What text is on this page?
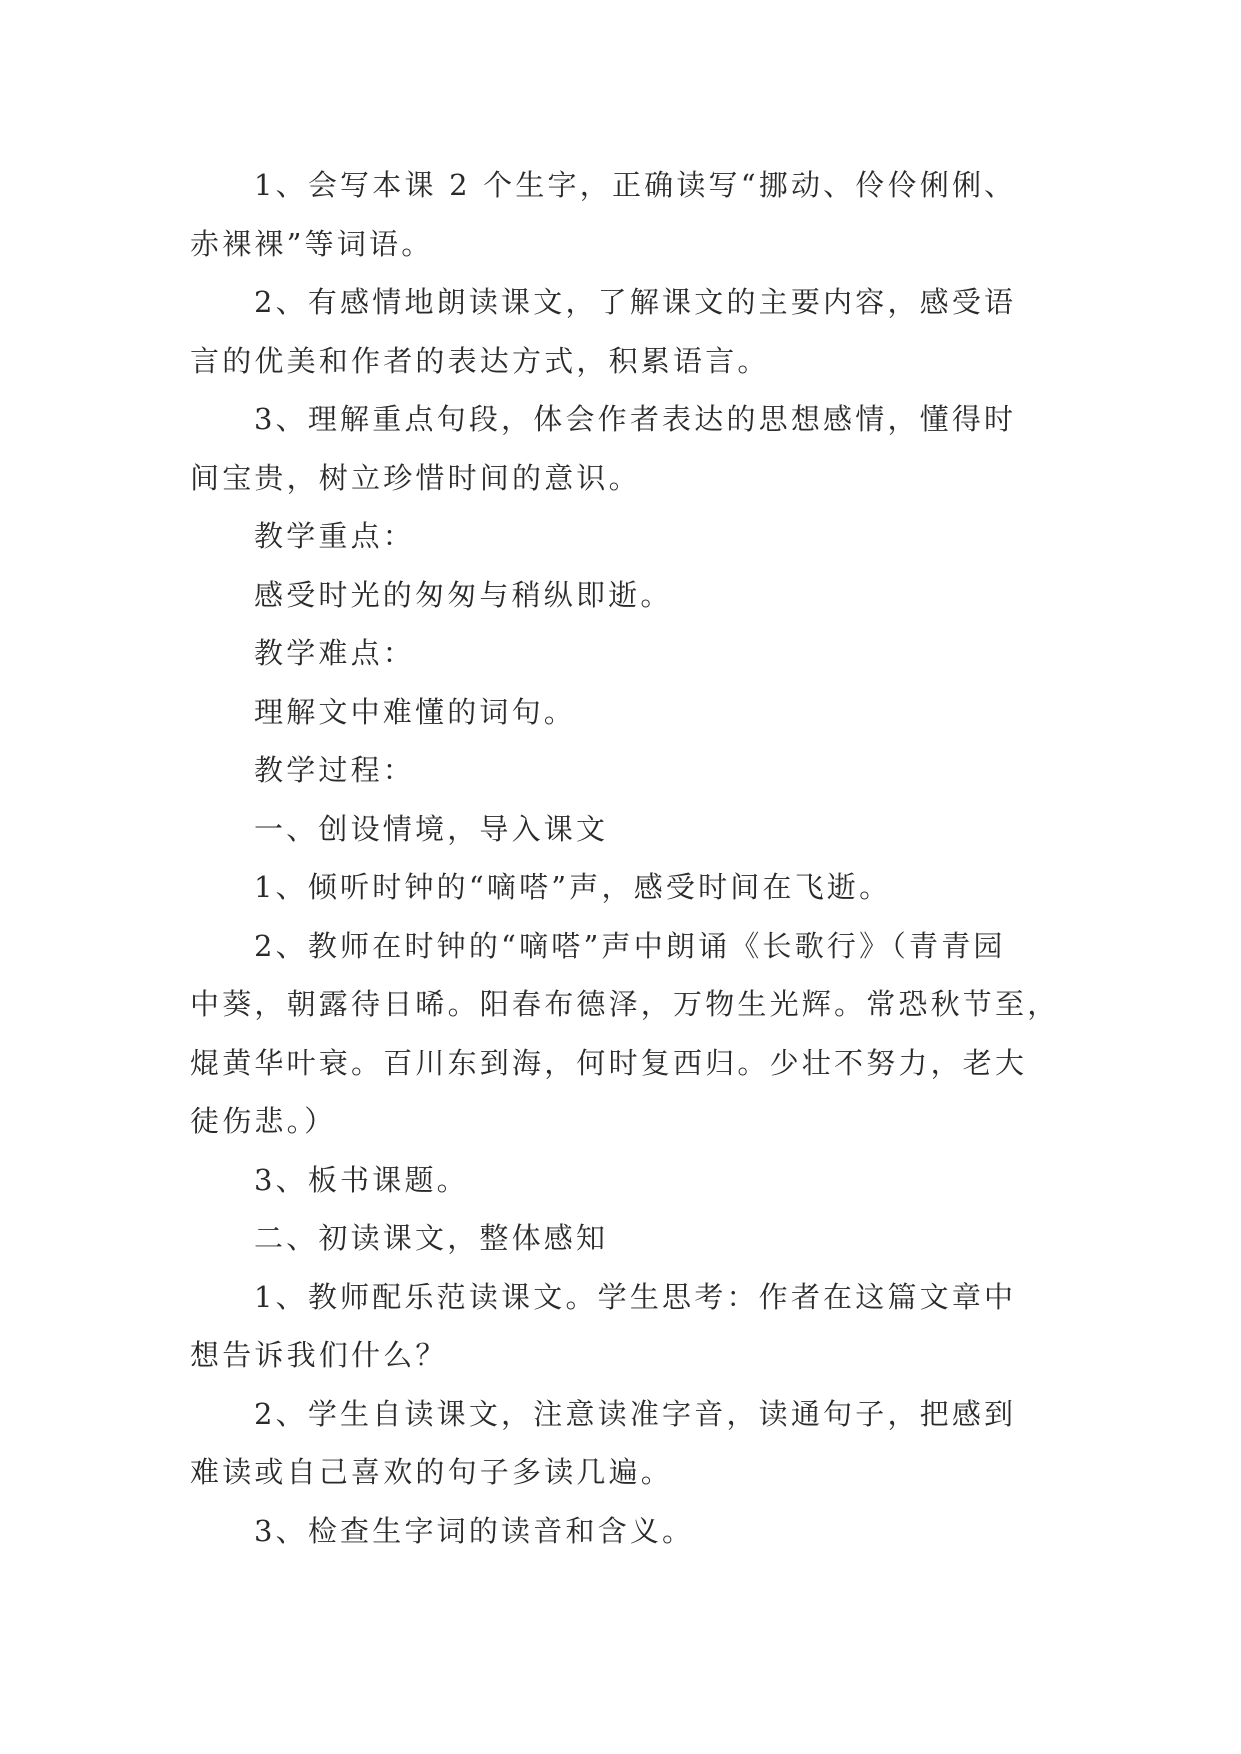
1、会写本课 2 个生字，正确读写“挪动、伶伶俐俐、
赤裸裸”等词语。
2、有感情地朗读课文，了解课文的主要内容，感受语
言的优美和作者的表达方式，积累语言。
3、理解重点句段，体会作者表达的思想感情，懂得时
间宝贵，树立珍惜时间的意识。
教学重点：
感受时光的匆匆与稍纵即逝。
教学难点：
理解文中难懂的词句。
教学过程：
一、创设情境，导入课文
1、倾听时钟的“嘀嗒”声，感受时间在飞逝。
2、教师在时钟的“嘀嗒”声中朗诵《长歌行》（青青园
中葵，朝露待日晞。阳春布德泽，万物生光辉。常恐秋节至，
焜黄华叶衰。百川东到海，何时复西归。少壮不努力，老大
徒伤悲。）
3、板书课题。
二、初读课文，整体感知
1、教师配乐范读课文。学生思考：作者在这篇文章中
想告诉我们什么？
2、学生自读课文，注意读准字音，读通句子，把感到
难读或自己喜欢的句子多读几遍。
3、检查生字词的读音和含义。
